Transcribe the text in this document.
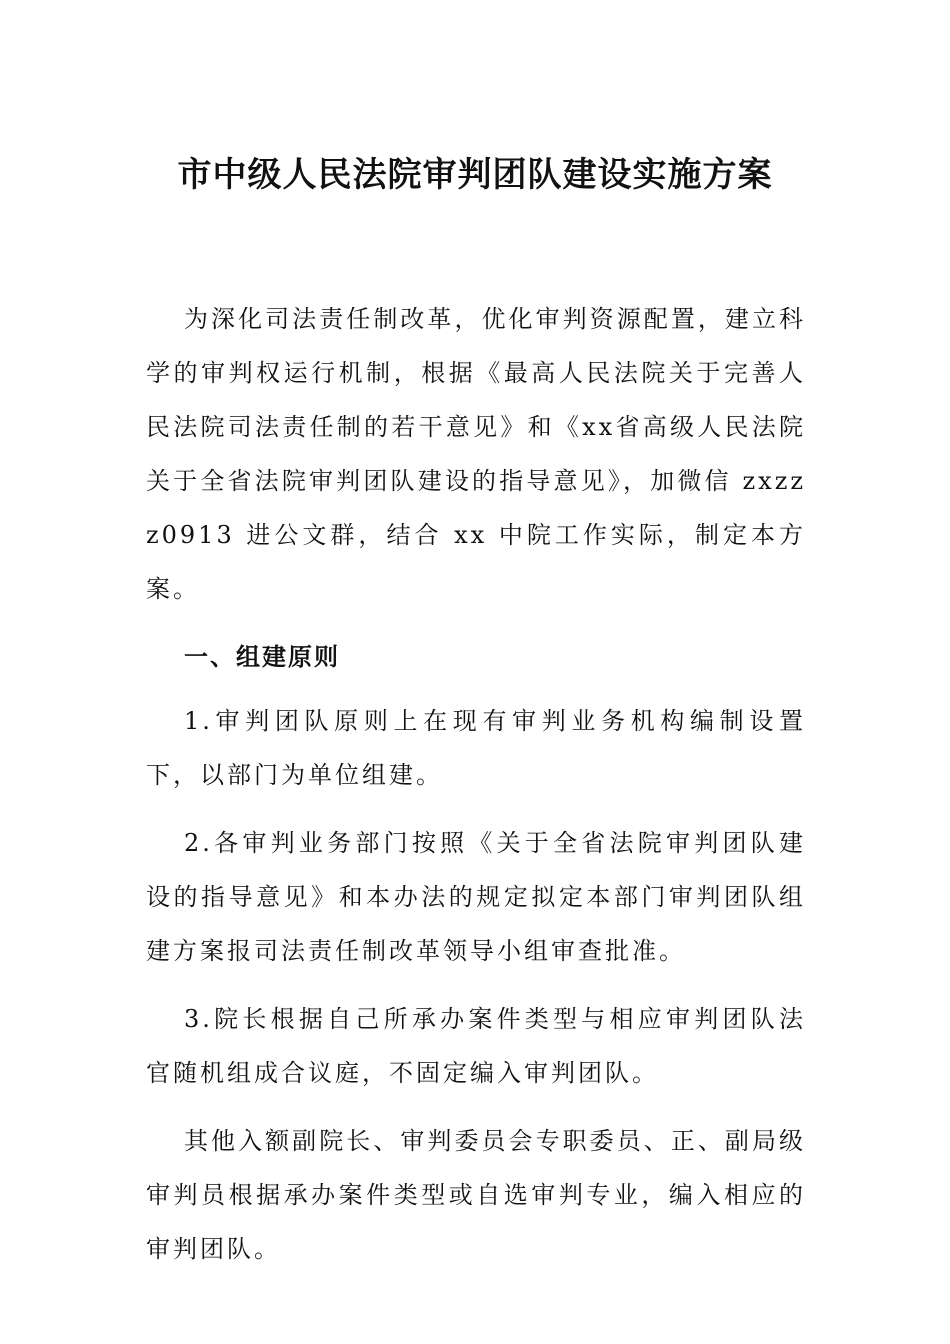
市中级人民法院审判团队建设实施方案

为深化司法责任制改革，优化审判资源配置，建立科学的审判权运行机制，根据《最高人民法院关于完善人民法院司法责任制的若干意见》和《xx省高级人民法院关于全省法院审判团队建设的指导意见》，加微信 zxzzz0913 进公文群，结合 xx 中院工作实际，制定本方案。

一、组建原则

1.审判团队原则上在现有审判业务机构编制设置下，以部门为单位组建。

2.各审判业务部门按照《关于全省法院审判团队建设的指导意见》和本办法的规定拟定本部门审判团队组建方案报司法责任制改革领导小组审查批准。

3.院长根据自己所承办案件类型与相应审判团队法官随机组成合议庭，不固定编入审判团队。

其他入额副院长、审判委员会专职委员、正、副局级审判员根据承办案件类型或自选审判专业，编入相应的审判团队。
